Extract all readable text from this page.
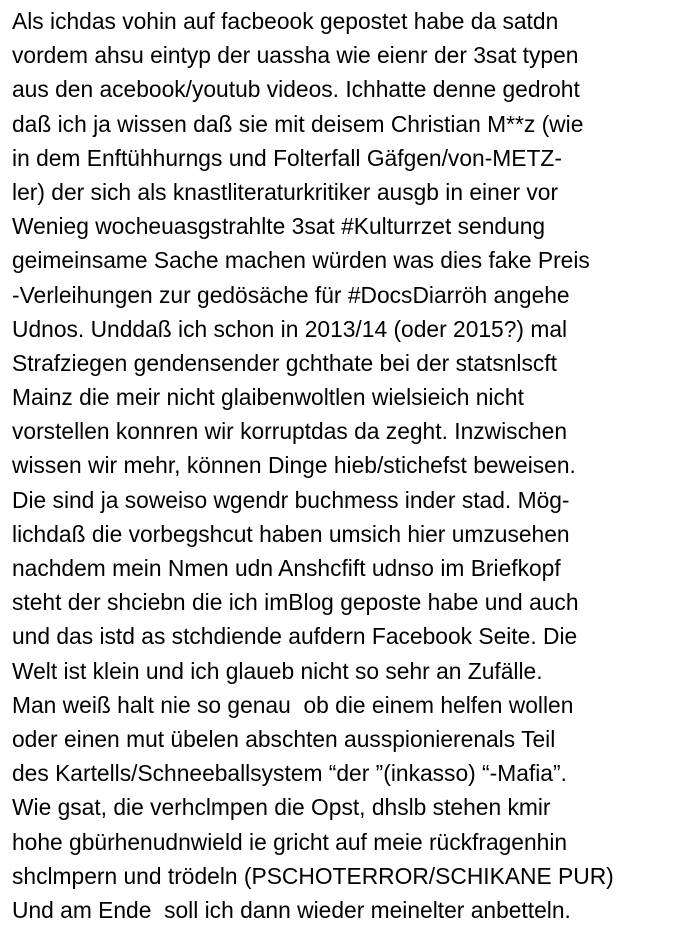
Als ichdas vohin auf facbeook gepostet habe da satdn
vordem ahsu eintyp der uassha wie eienr der 3sat typen
aus den acebook/youtub videos. Ichhatte denne gedroht
daß ich ja wissen daß sie mit deisem Christian M**z (wie
in dem Enftühhurngs und Folterfall Gäfgen/von-METZ-
ler) der sich als knastliteraturkritiker ausgb in einer vor
Wenieg wocheuasgstrahlte 3sat #Kulturrzet sendung
geimeinsame Sache machen würden was dies fake Preis
-Verleihungen zur gedösäche für #DocsDiarröh angehe
Udnos. Unddaß ich schon in 2013/14 (oder 2015?) mal
Strafziegen gendensender gchthate bei der statsnlscft
Mainz die meir nicht glaibenwoltlen wielsieich nicht
vorstellen konnren wir korruptdas da zeght. Inzwischen
wissen wir mehr, können Dinge hieb/stichefst beweisen.
Die sind ja soweiso wgendr buchmess inder stad. Mög-
lichdaß die vorbegshcut haben umsich hier umzusehen
nachdem mein Nmen udn Anshcfift udnso im Briefkopf
steht der shciebn die ich imBlog geposte habe und auch
und das istd as stchdiende aufdern Facebook Seite. Die
Welt ist klein und ich glaueb nicht so sehr an Zufälle.
Man weiß halt nie so genau  ob die einem helfen wollen
oder einen mut übelen abschten ausspionierenals Teil
des Kartells/Schneeballsystem “der ”(inkasso) “-Mafia”.
Wie gsat, die verhclmpen die Opst, dhslb stehen kmir
hohe gbürhenudnwield ie gricht auf meie rückfragenhin
shclmpern und trödeln (PSCHOTERROR/SCHIKANE PUR)
Und am Ende  soll ich dann wieder meinelter anbetteln.
